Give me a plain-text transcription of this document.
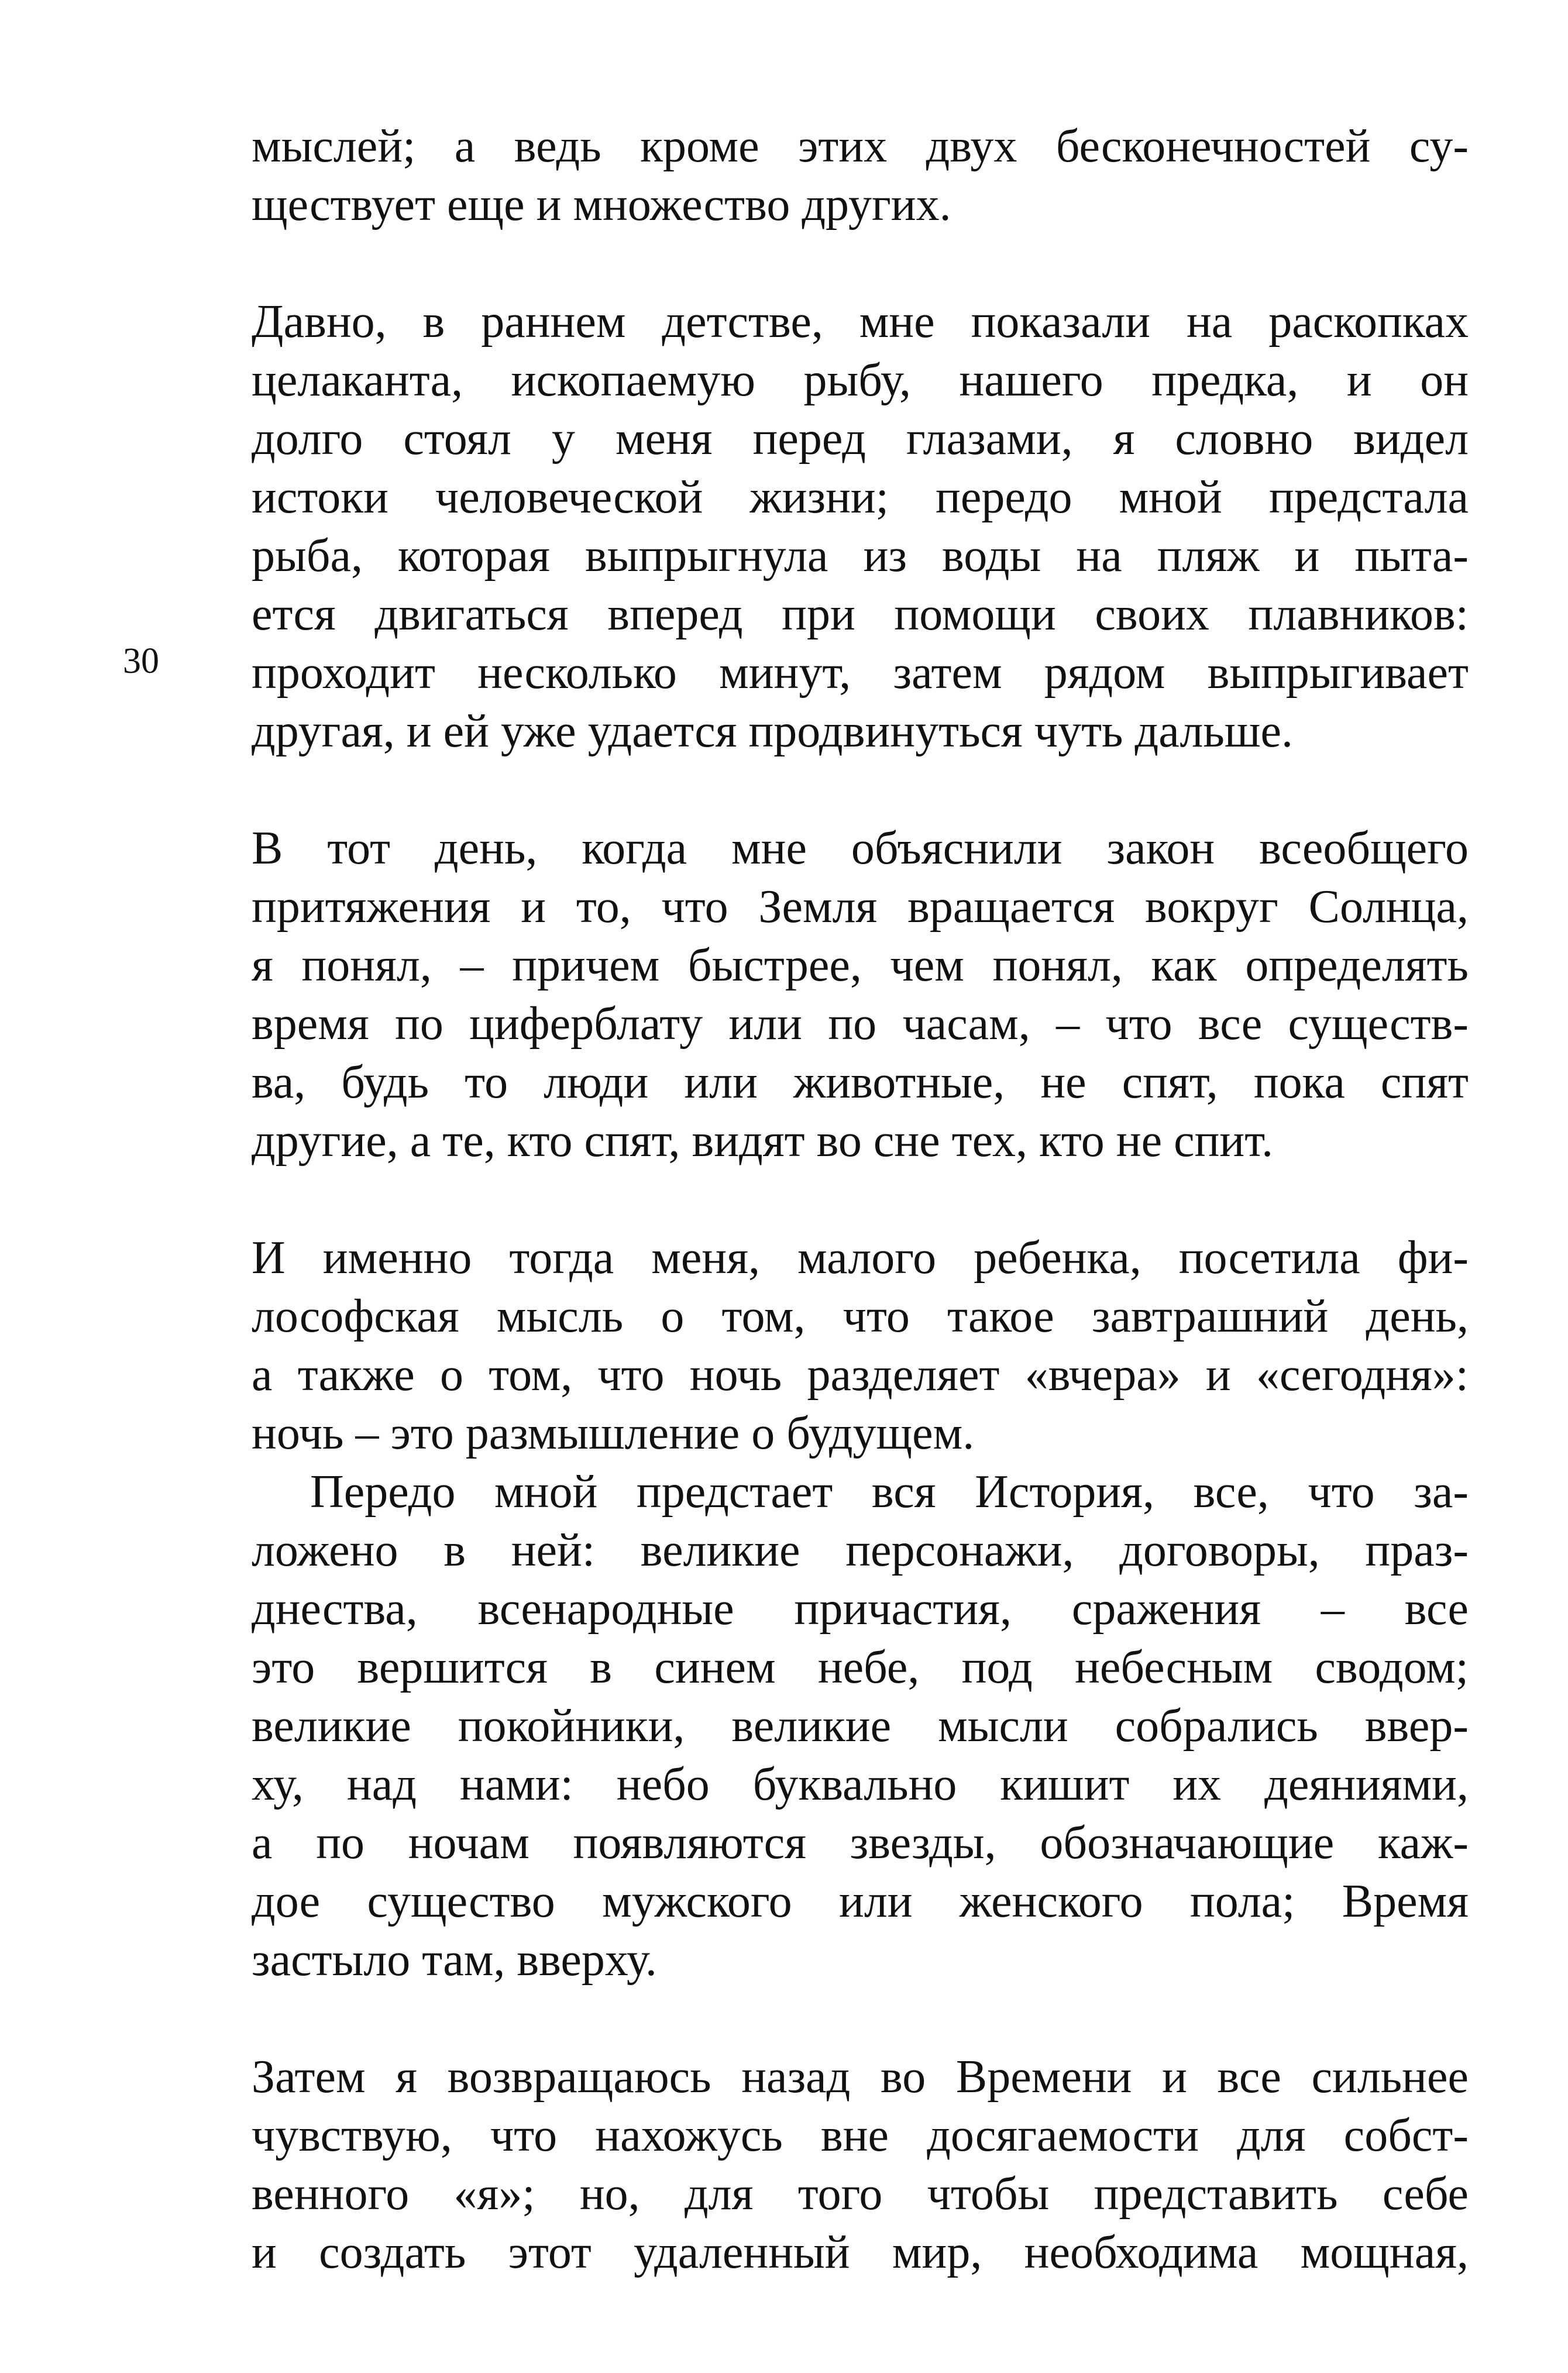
30
мыслей; а ведь кроме этих двух бесконечностей су-
ществует еще и множество других.
Давно, в раннем детстве, мне показали на раскопках
целаканта, ископаемую рыбу, нашего предка, и он
долго стоял у меня перед глазами, я словно видел
истоки человеческой жизни; передо мной предстала
рыба, которая выпрыгнула из воды на пляж и пыта-
ется двигаться вперед при помощи своих плавников:
проходит несколько минут, затем рядом выпрыгивает
другая, и ей уже удается продвинуться чуть дальше.
В тот день, когда мне объяснили закон всеобщего
притяжения и то, что Земля вращается вокруг Солнца,
я понял, – причем быстрее, чем понял, как определять
время по циферблату или по часам, – что все существ-
ва, будь то люди или животные, не спят, пока спят
другие, а те, кто спят, видят во сне тех, кто не спит.
И именно тогда меня, малого ребенка, посетила фи-
лософская мысль о том, что такое завтрашний день,
а также о том, что ночь разделяет «вчера» и «сегодня»:
ночь – это размышление о будущем.
Передо мной предстает вся История, все, что за-
ложено в ней: великие персонажи, договоры, праз-
днества, всенародные причастия, сражения – все
это вершится в синем небе, под небесным сводом;
великие покойники, великие мысли собрались ввер-
ху, над нами: небо буквально кишит их деяниями,
а по ночам появляются звезды, обозначающие каж-
дое существо мужского или женского пола; Время
застыло там, вверху.
Затем я возвращаюсь назад во Времени и все сильнее
чувствую, что нахожусь вне досягаемости для собст-
венного «я»; но, для того чтобы представить себе
и создать этот удаленный мир, необходима мощная,
